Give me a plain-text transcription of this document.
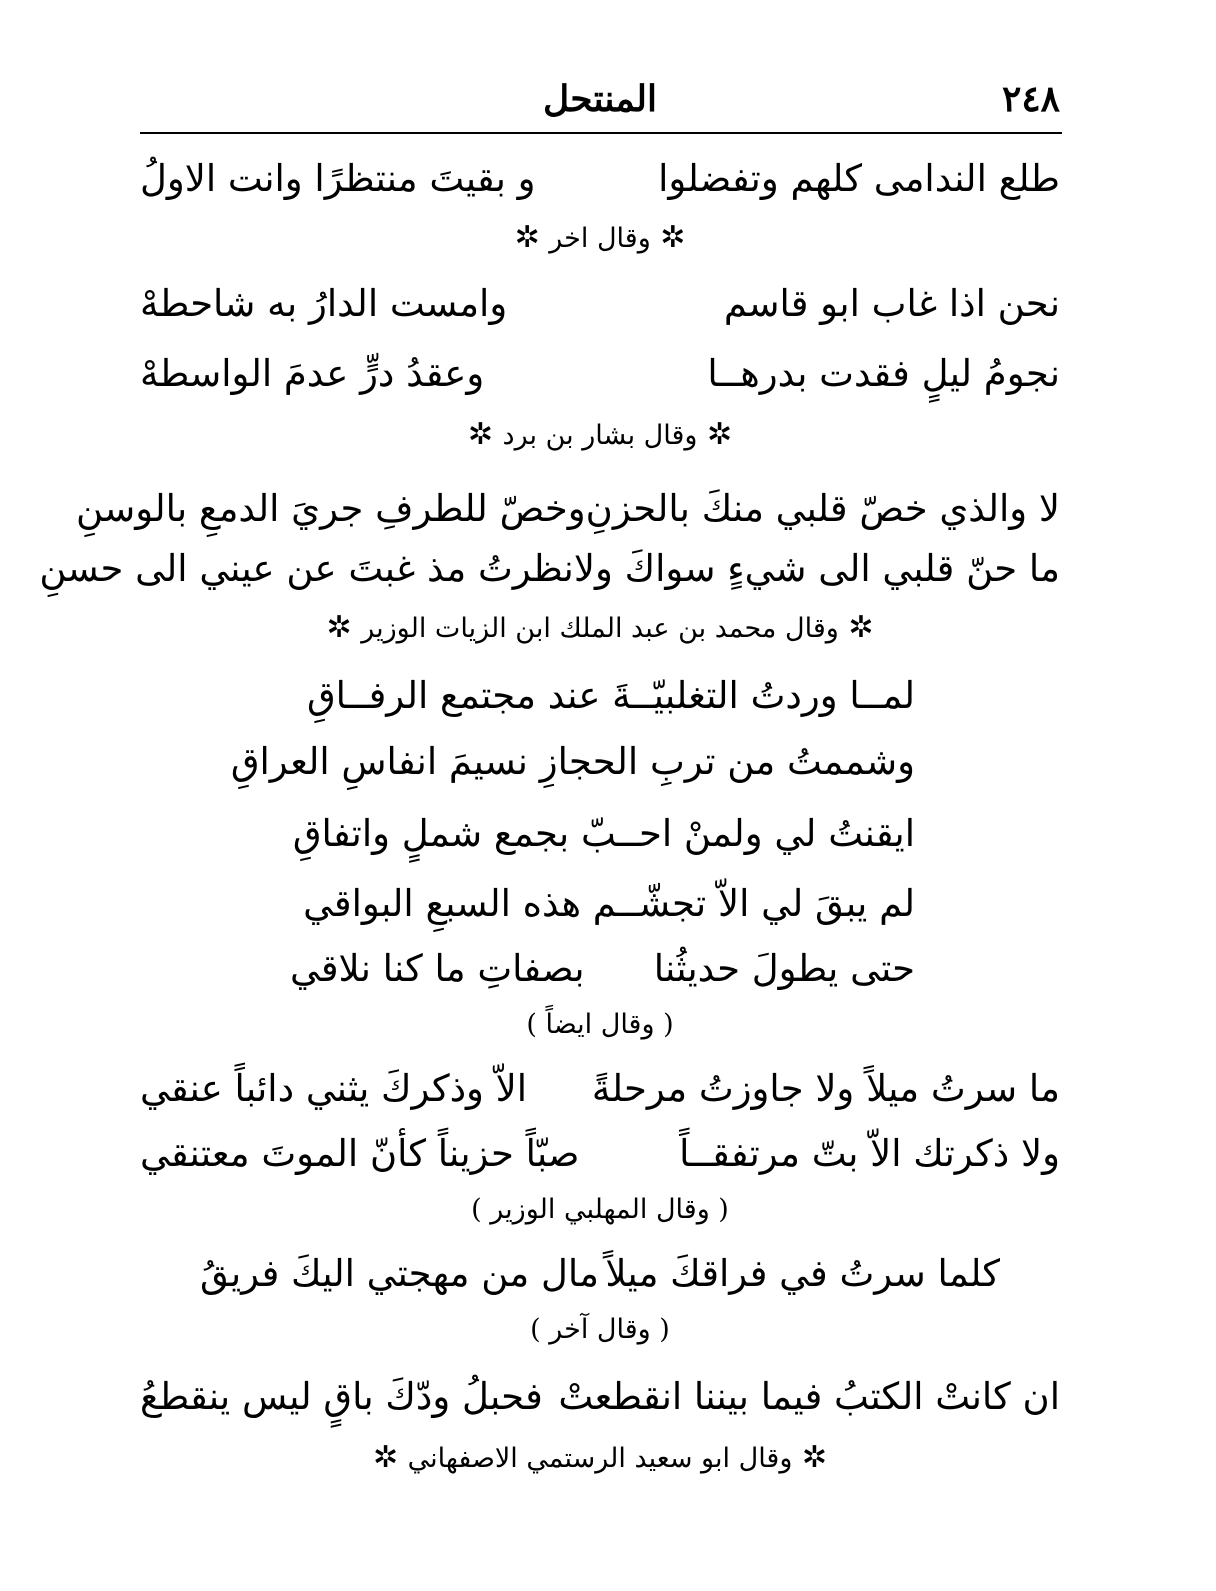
٢٤٨
المنتحل
طلع الندامى كلهم وتفضلوا
و بقيتَ منتظرًا وانت الاولُ
✲ وقال اخر ✲
نحن اذا غاب ابو قاسم
وامست الدارُ به شاحطهْ
نجومُ ليلٍ فقدت بدرهــا
وعقدُ درٍّ عدمَ الواسطهْ
✲ وقال بشار بن برد ✲
لا والذي خصّ قلبي منكَ بالحزنِ
وخصّ للطرفِ جريَ الدمعِ بالوسنِ
ما حنّ قلبي الى شيءٍ سواكَ ولا
نظرتُ مذ غبتَ عن عيني الى حسنِ
✲ وقال محمد بن عبد الملك ابن الزيات الوزير ✲
لمــا وردتُ التغلبيّــةَ عند مجتمع الرفــاقِ
وشممتُ من تربِ الحجا
زِ نسيمَ انفاسِ العراقِ
ايقنتُ لي ولمنْ احــبّ بجمع شملٍ واتفاقِ
لم يبقَ لي الاّ تجشّــم هذه السبعِ البواقي
حتى يطولَ حديثُنا
بصفاتِ ما كنا نلاقي
( وقال ايضاً )
ما سرتُ ميلاً ولا جاوزتُ مرحلةً
الاّ وذكركَ يثني دائباً عنقي
ولا ذكرتك الاّ بتّ مرتفقــاً
صبّاً حزيناً كأنّ الموتَ معتنقي
( وقال المهلبي الوزير )
كلما سرتُ في فراقكَ ميلاً
مال من مهجتي اليكَ فريقُ
( وقال آخر )
ان كانتْ الكتبُ فيما بيننا انقطعتْ
فحبلُ ودّكَ باقٍ ليس ينقطعُ
✲ وقال ابو سعيد الرستمي الاصفهاني ✲
